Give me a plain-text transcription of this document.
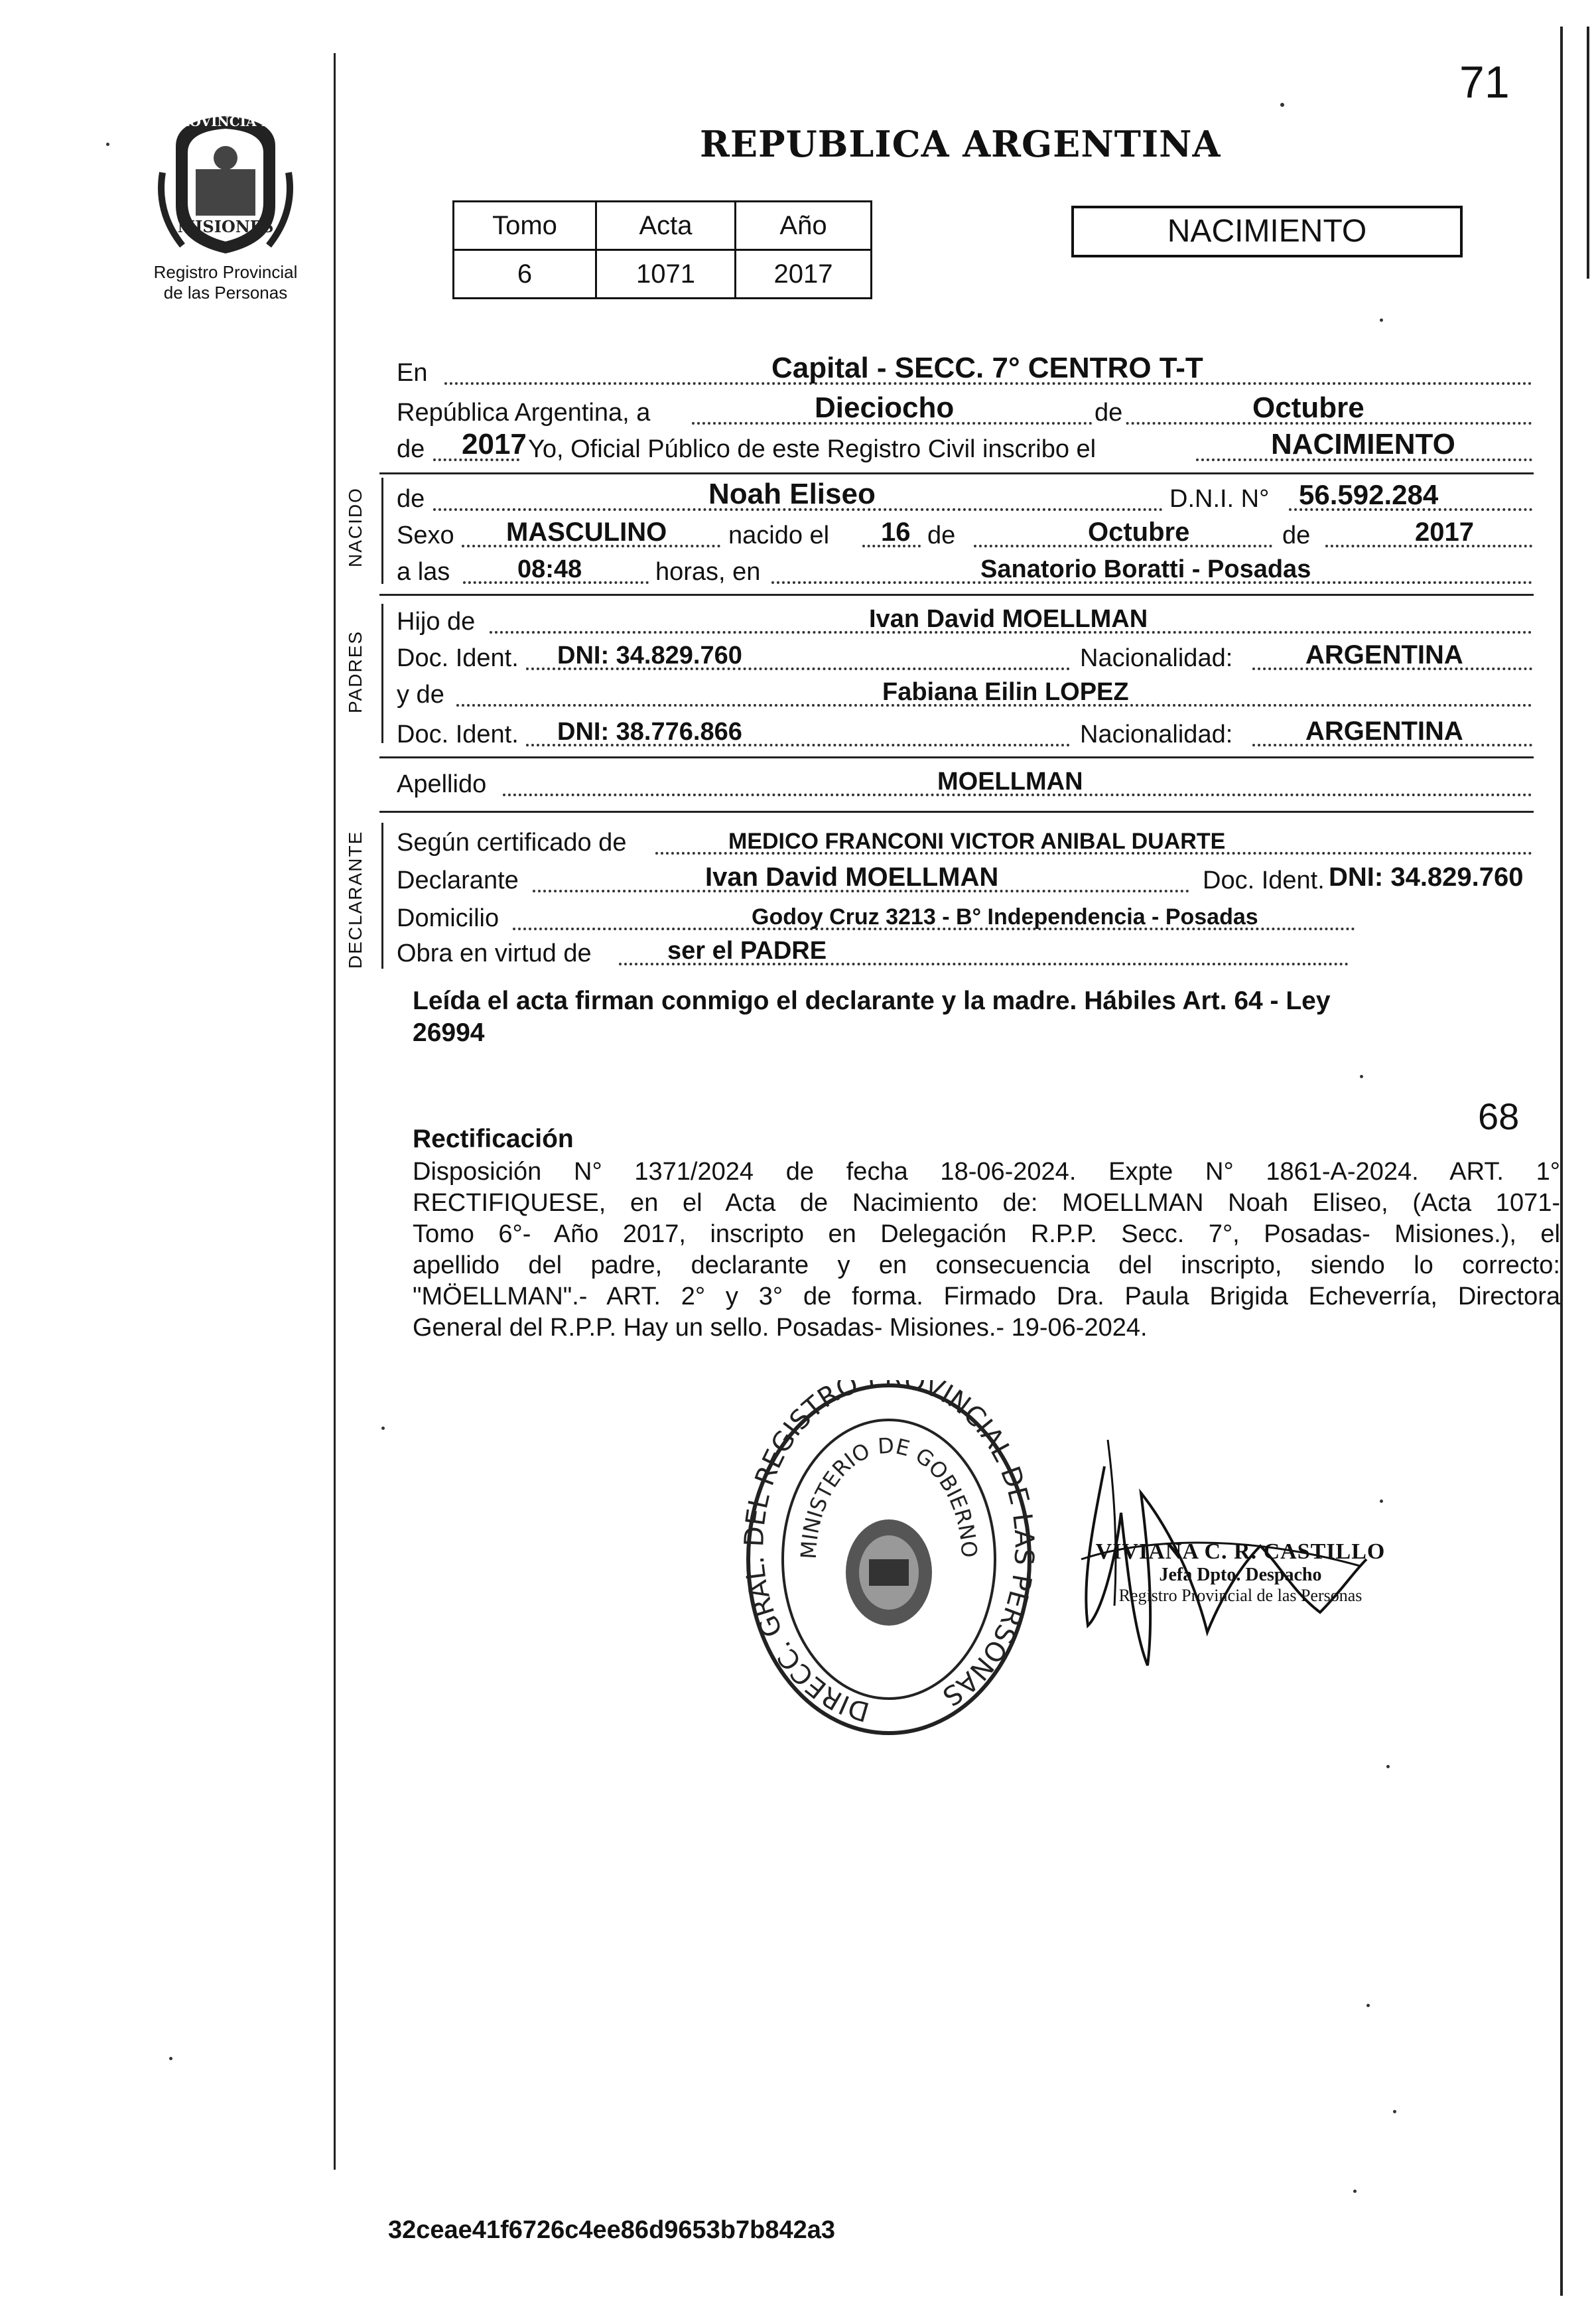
71
PROVINCIA DE
MISIONES
Registro Provincial
de las Personas
REPUBLICA ARGENTINA
Tomo	Acta	Año
6	1071	2017
NACIMIENTO
En	Capital - SECC. 7° CENTRO T-T
República Argentina, a	Dieciocho	de	Octubre
de 2017 Yo, Oficial Público de este Registro Civil inscribo el	NACIMIENTO
NACIDO de	Noah Eliseo	D.N.I. N° 56.592.284
Sexo MASCULINO nacido el 16 de	Octubre	de	2017
a las	08:48	horas, en	Sanatorio Boratti - Posadas
PADRES
Hijo de	Ivan David MOELLMAN
Doc. Ident. DNI: 34.829.760	Nacionalidad:	ARGENTINA
y de	Fabiana Eilin LOPEZ
Doc. Ident. DNI: 38.776.866	Nacionalidad:	ARGENTINA
Apellido	MOELLMAN
DECLARANTE Según certificado de	MEDICO FRANCONI VICTOR ANIBAL DUARTE
Declarante	Ivan David MOELLMAN	Doc. Ident. DNI: 34.829.760
Domicilio	Godoy Cruz 3213 - B° Independencia - Posadas
Obra en virtud de	ser el PADRE
Leída el acta firman conmigo el declarante y la madre. Hábiles Art. 64 - Ley
26994
68
Rectificación
Disposición N° 1371/2024 de fecha 18-06-2024. Expte N° 1861-A-2024. ART. 1°
RECTIFIQUESE, en el Acta de Nacimiento de: MOELLMAN Noah Eliseo, (Acta 1071-
Tomo 6°- Año 2017, inscripto en Delegación R.P.P. Secc. 7°, Posadas- Misiones.), el
apellido del padre, declarante y en consecuencia del inscripto, siendo lo correcto:
"MÖELLMAN".- ART. 2° y 3° de forma. Firmado Dra. Paula Brigida Echeverría, Directora
General del R.P.P. Hay un sello. Posadas- Misiones.- 19-06-2024.
DIRECC. GRAL EL REGISTRO OVINCIAL DE PERSONAS
MINISTERIO DE GOBIERNO	VIVIANA C. R. CASTILLO
Jefa Dpto. Despacho
Registro Provincial de las Personas
32ceae41f6726c4ee86d9653b7b842a3
